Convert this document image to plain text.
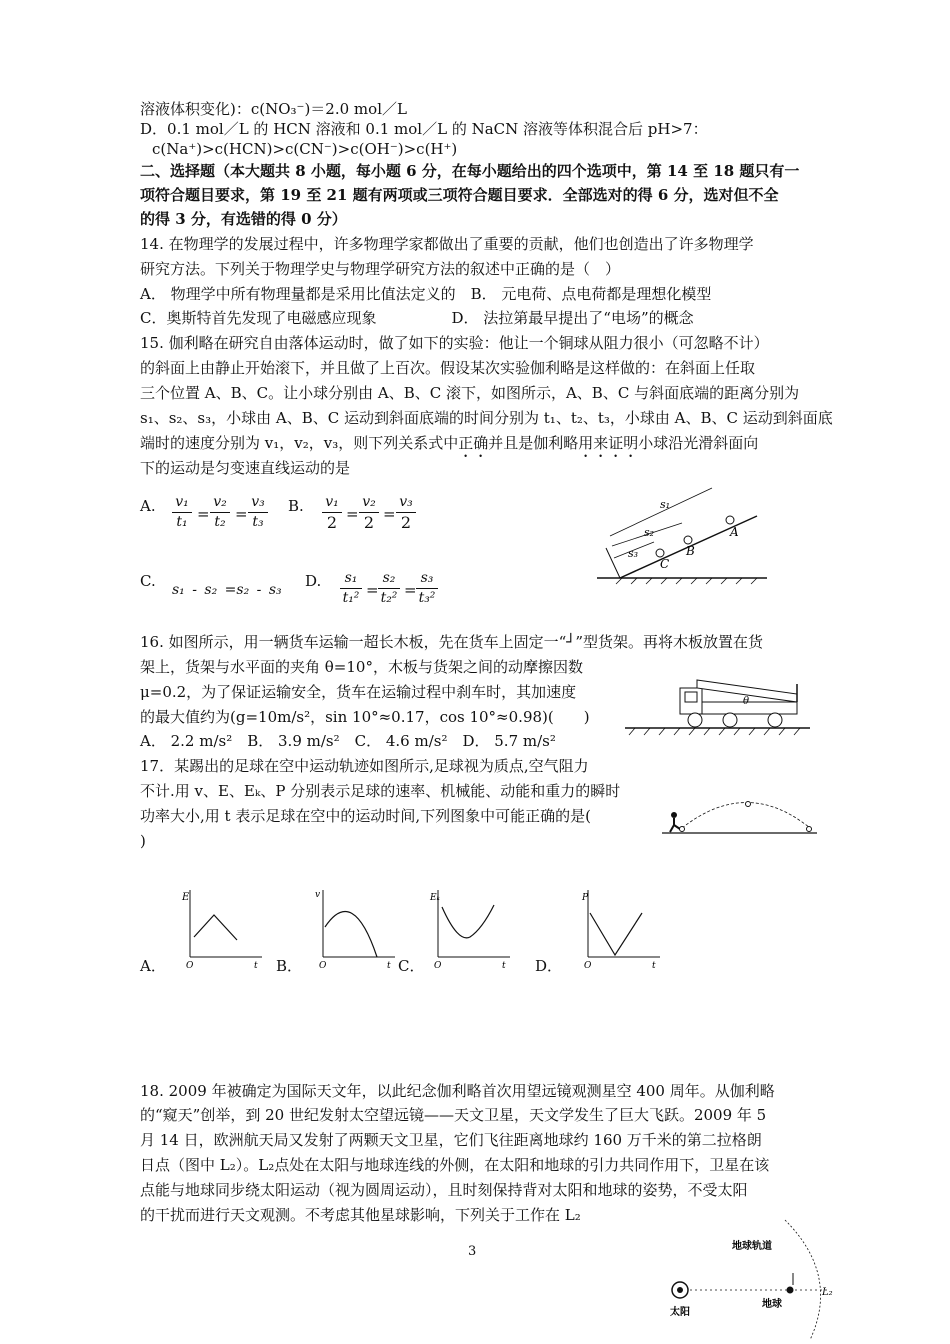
溶液体积变化)：c(NO₃⁻)＝2.0 mol／L
D．0.1 mol／L 的 HCN 溶液和 0.1 mol／L 的 NaCN 溶液等体积混合后 pH>7：
c(Na⁺)>c(HCN)>c(CN⁻)>c(OH⁻)>c(H⁺)
二、选择题（本大题共 8 小题，每小题 6 分，在每小题给出的四个选项中，第 14 至 18 题只有一
项符合题目要求，第 19 至 21 题有两项或三项符合题目要求．全部选对的得 6 分，选对但不全
的得 3 分，有选错的得 0 分）
14. 在物理学的发展过程中，许多物理学家都做出了重要的贡献，他们也创造出了许多物理学
研究方法。下列关于物理学史与物理学研究方法的叙述中正确的是（　）
A． 物理学中所有物理量都是采用比值法定义的　B． 元电荷、点电荷都是理想化模型
C．奥斯特首先发现了电磁感应现象　　　　　D． 法拉第最早提出了“电场”的概念
15. 伽利略在研究自由落体运动时，做了如下的实验：他让一个铜球从阻力很小（可忽略不计）
的斜面上由静止开始滚下，并且做了上百次。假设某次实验伽利略是这样做的：在斜面上任取
三个位置 A、B、C。让小球分别由 A、B、C 滚下，如图所示，A、B、C 与斜面底端的距离分别为
s₁、s₂、s₃，小球由 A、B、C 运动到斜面底端的时间分别为 t₁、t₂、t₃，小球由 A、B、C 运动到斜面底
端时的速度分别为 v₁，v₂，v₃，则下列关系式中正确并且是伽利略用来证明小球沿光滑斜面向
下的运动是匀变速直线运动的是
A. v₁
t₁ =
v₂
t₂ =
v₃
t₃
B. v₁
2 =
v₂
2 =
v₃
2
C. s₁ - s₂ =s₂ - s₃ D.	s₁
t₁² =
s₂
t₂² =
s₃
t₃²
s₁
s₂
s₃
A
B
C
16. 如图所示，用一辆货车运输一超长木板，先在货车上固定一“┘”型货架。再将木板放置在货
架上，货架与水平面的夹角 θ=10°，木板与货架之间的动摩擦因数
μ=0.2，为了保证运输安全，货车在运输过程中刹车时，其加速度
的最大值约为(g=10m/s²，sin 10°≈0.17，cos 10°≈0.98)(　　)
A． 2.2 m/s²　B． 3.9 m/s²　C． 4.6 m/s²　D． 5.7 m/s²
θ
17．某踢出的足球在空中运动轨迹如图所示,足球视为质点,空气阻力
不计.用 v、E、Eₖ、P 分别表示足球的速率、机械能、动能和重力的瞬时
功率大小,用 t 表示足球在空中的运动时间,下列图象中可能正确的是(
)
A．
E
O	t B．
v
O	t C．
Eₖ
O	t D．
P
O	t
18. 2009 年被确定为国际天文年，以此纪念伽利略首次用望远镜观测星空 400 周年。从伽利略
的“窥天”创举，到 20 世纪发射太空望远镜——天文卫星，天文学发生了巨大飞跃。2009 年 5
月 14 日，欧洲航天局又发射了两颗天文卫星，它们飞往距离地球约 160 万千米的第二拉格朗
日点（图中 L₂）。L₂点处在太阳与地球连线的外侧，在太阳和地球的引力共同作用下，卫星在该
点能与地球同步绕太阳运动（视为圆周运动），且时刻保持背对太阳和地球的姿势，不受太阳
的干扰而进行天文观测。不考虑其他星球影响，下列关于工作在 L₂
3	地球轨道
太阳
地球
L₂
